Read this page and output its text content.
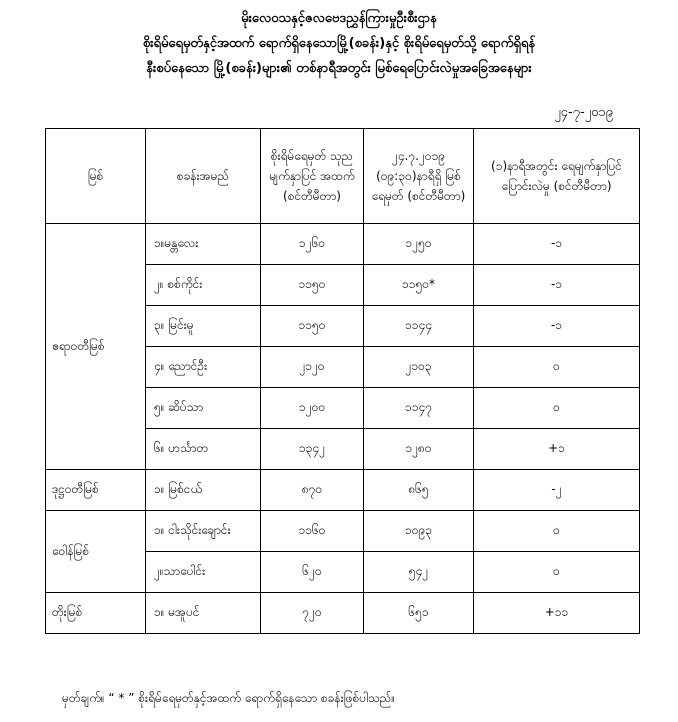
မိုးလေဝသနှင့်ဇလဗေဒညွှန်ကြားမှုဦးစီးဌာန
စိုးရိမ်ရေမှတ်နှင့်အထက် ရောက်ရှိနေသောမြို့(စခန်း)နှင့် စိုးရိမ်ရေမှတ်သို့ ရောက်ရှိရန်
နီးစပ်နေသော မြို့(စခန်း)များ၏ တစ်နာရီအတွင်း မြစ်ရေပြောင်းလဲမှုအခြေအနေများ
၂၄-၇-၂၀၁၉
မြစ်	စခန်းအမည်	စိုးရိမ်ရေမှတ် သုညမျက်နှာပြင် အထက် (စင်တီမီတာ)	၂၄.၇.၂၀၁၉ (၀၉:၃၀)နာရီရှိ မြစ်ရေမှတ် (စင်တီမီတာ)	(၁)နာရီအတွင်း ရေမျက်နှာပြင်ပြောင်းလဲမှု (စင်တီမီတာ)
ဧရာဝတီမြစ်	၁။မန္တလေး	၁၂၆၀	၁၂၅၀	-၁
	၂။ စစ်ကိုင်း	၁၁၅၀	၁၁၅၀*	-၁
	၃။ မြင်းမူ	၁၁၅၀	၁၁၄၄	-၁
	၄။ ညောင်ဦး	၂၁၂၀	၂၁၀၃	၀
	၅။ ဆိပ်သာ	၁၂၀၀	၁၁၄၇	၀
	၆။ ဟင်္သာတ	၁၃၄၂	၁၂၈၀	+၁
ဒုဋ္ဌဝတီမြစ်	၁။ မြစ်ငယ်	၈၇၀	၈၆၅	-၂
ဝေါန်မြစ်	၁။ ငါးသိုင်းချောင်း	၁၁၆၀	၁၀၉၃	၀
	၂။သာပေါင်း	၆၂၀	၅၄၂	၀
တိုးမြစ်	၁။ မအူပင်	၇၂၀	၆၅၁	+၁၁
မှတ်ချက်။ “ * ” စိုးရိမ်ရေမှတ်နှင့်အထက် ရောက်ရှိနေသော စခန်းဖြစ်ပါသည်။
